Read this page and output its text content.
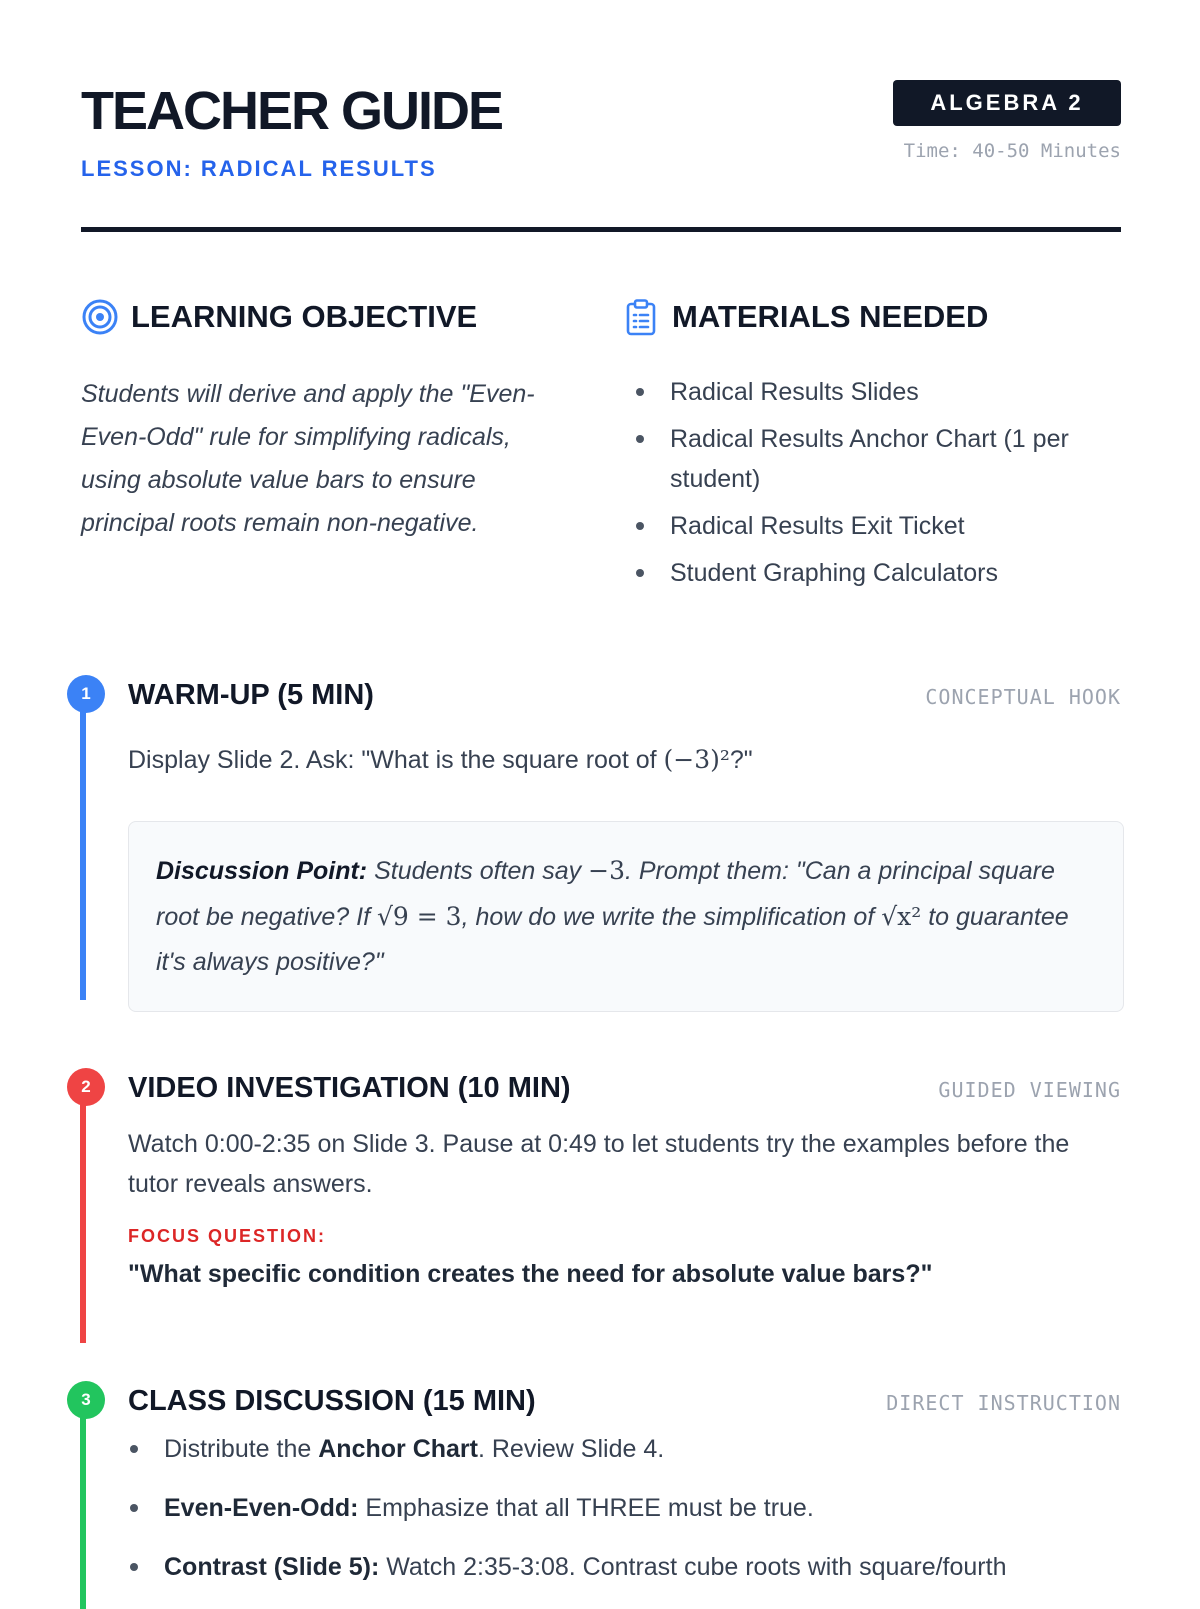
TEACHER GUIDE
LESSON: RADICAL RESULTS
ALGEBRA 2
Time: 40-50 Minutes
LEARNING OBJECTIVE

Students will derive and apply the "Even-Even-Odd" rule for simplifying radicals, using absolute value bars to ensure principal roots remain non-negative.

MATERIALS NEEDED
Radical Results Slides
Radical Results Anchor Chart (1 per student)
Radical Results Exit Ticket
Student Graphing Calculators
1	WARM-UP (5 MIN)	CONCEPTUAL HOOK
Display Slide 2. Ask: "What is the square root of (−3)²?"
Discussion Point: Students often say −3. Prompt them: "Can a principal square root be negative? If √9 = 3, how do we write the simplification of √x² to guarantee it's always positive?"
2	VIDEO INVESTIGATION (10 MIN)	GUIDED VIEWING
Watch 0:00-2:35 on Slide 3. Pause at 0:49 to let students try the examples before the tutor reveals answers.
FOCUS QUESTION:
"What specific condition creates the need for absolute value bars?"
3	CLASS DISCUSSION (15 MIN)	DIRECT INSTRUCTION
Distribute the Anchor Chart. Review Slide 4.
Even-Even-Odd: Emphasize that all THREE must be true.
Contrast (Slide 5): Watch 2:35-3:08. Contrast cube roots with square/fourth
